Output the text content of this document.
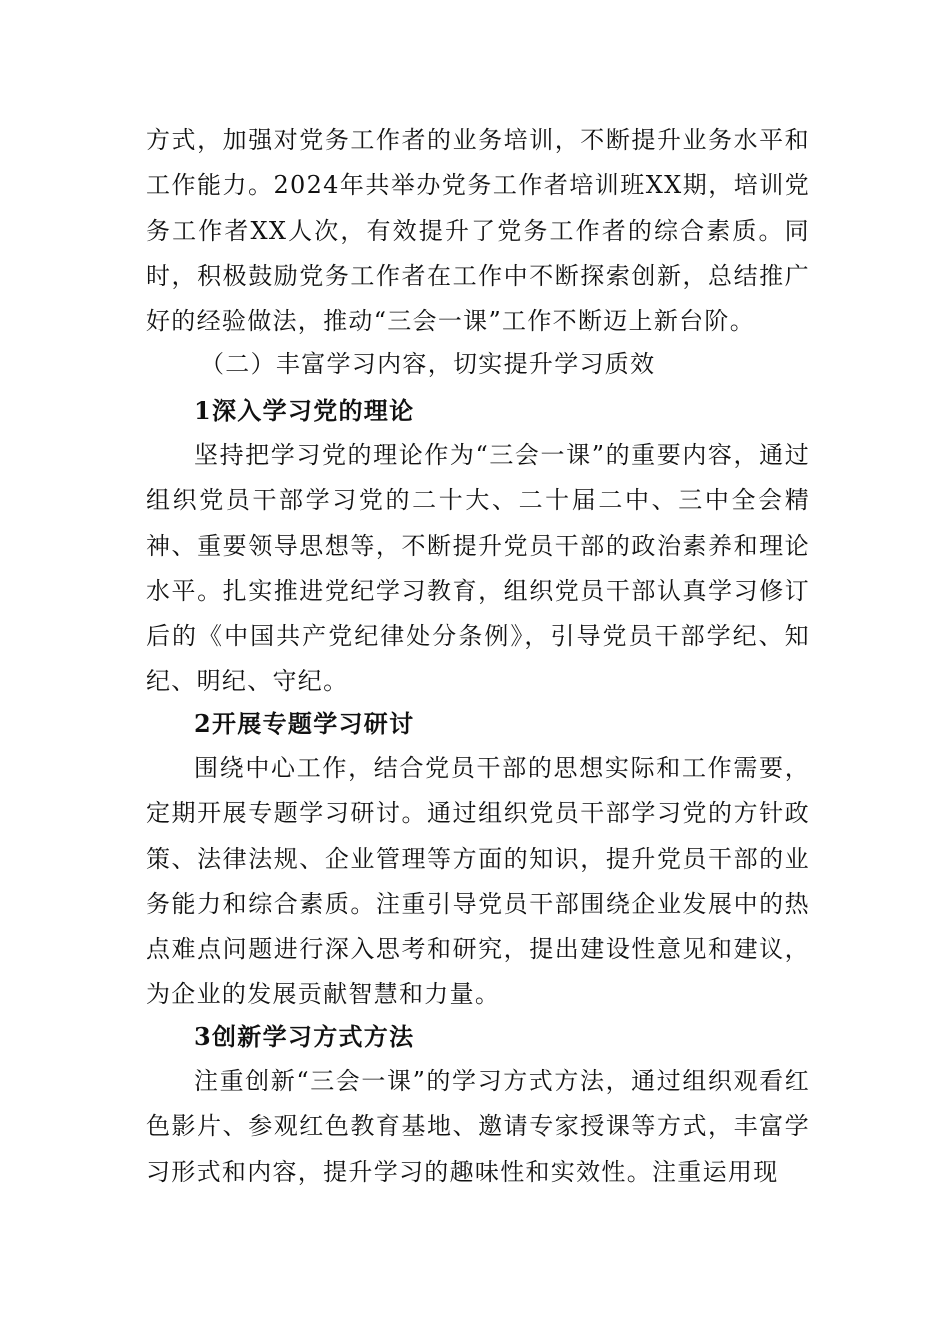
方式，加强对党务工作者的业务培训，不断提升业务水平和工作能力。2024年共举办党务工作者培训班XX期，培训党务工作者XX人次，有效提升了党务工作者的综合素质。同时，积极鼓励党务工作者在工作中不断探索创新，总结推广好的经验做法，推动“三会一课”工作不断迈上新台阶。

（二）丰富学习内容，切实提升学习质效

1深入学习党的理论

坚持把学习党的理论作为“三会一课”的重要内容，通过组织党员干部学习党的二十大、二十届二中、三中全会精神、重要领导思想等，不断提升党员干部的政治素养和理论水平。扎实推进党纪学习教育，组织党员干部认真学习修订后的《中国共产党纪律处分条例》，引导党员干部学纪、知纪、明纪、守纪。

2开展专题学习研讨

围绕中心工作，结合党员干部的思想实际和工作需要，定期开展专题学习研讨。通过组织党员干部学习党的方针政策、法律法规、企业管理等方面的知识，提升党员干部的业务能力和综合素质。注重引导党员干部围绕企业发展中的热点难点问题进行深入思考和研究，提出建设性意见和建议，为企业的发展贡献智慧和力量。

3创新学习方式方法

注重创新“三会一课”的学习方式方法，通过组织观看红色影片、参观红色教育基地、邀请专家授课等方式，丰富学习形式和内容，提升学习的趣味性和实效性。注重运用现
